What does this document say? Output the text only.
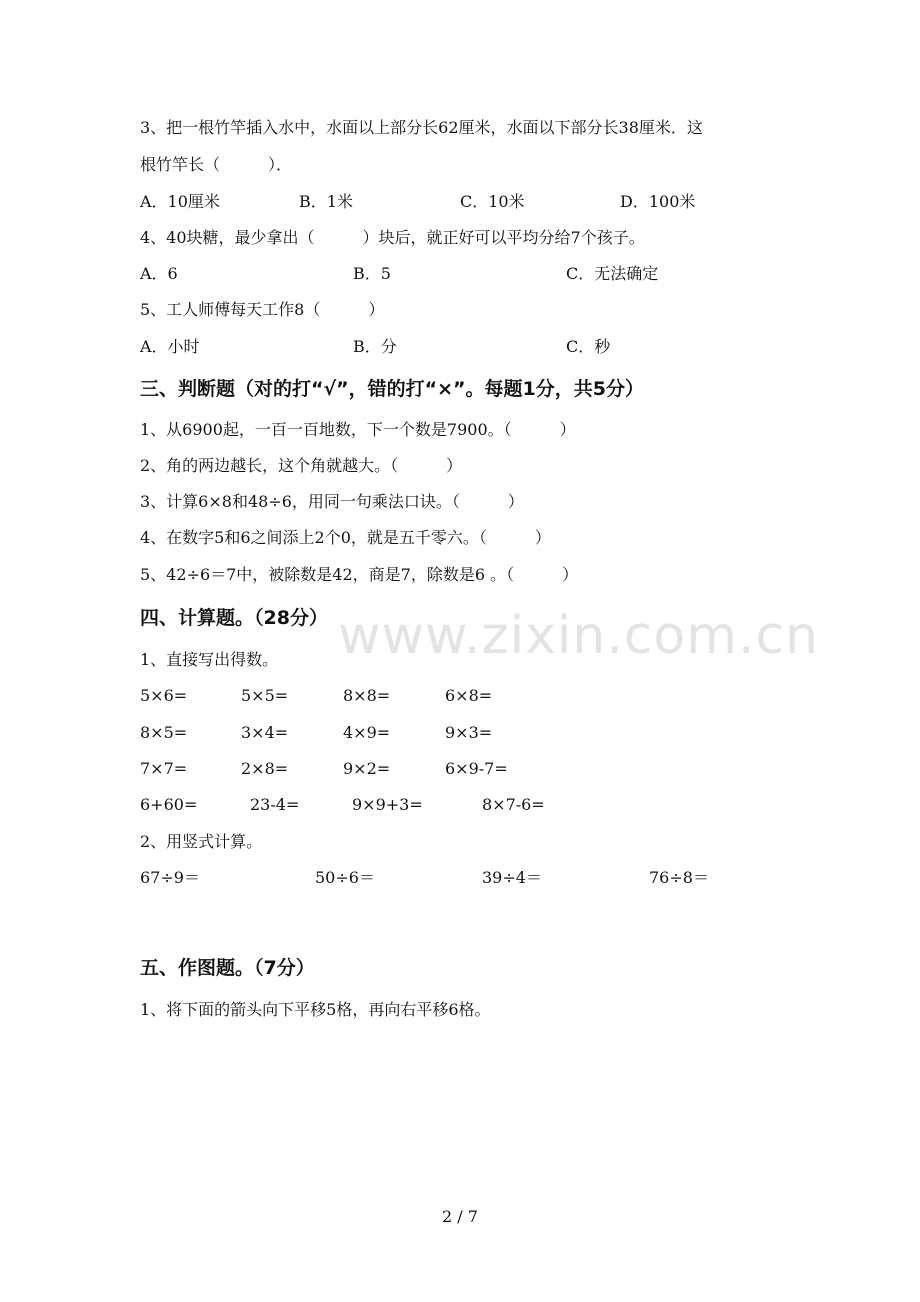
www.zixin.com.cn
3、把一根竹竿插入水中，水面以上部分长62厘米，水面以下部分长38厘米．这
根竹竿长（　　　）．
A．10厘米	B．1米	C．10米	D．100米
4、40块糖，最少拿出（　　　）块后，就正好可以平均分给7个孩子。
A．6	B．5	C．无法确定
5、工人师傅每天工作8（　　　）
A．小时	B．分	C．秒
三、判断题（对的打“√”，错的打“×”。每题1分，共5分）
1、从6900起，一百一百地数，下一个数是7900。（　　　）
2、角的两边越长，这个角就越大。（　　　）
3、计算6×8和48÷6，用同一句乘法口诀。（　　　）
4、在数字5和6之间添上2个0，就是五千零六。（　　　）
5、42÷6＝7中，被除数是42，商是7，除数是6 。（　　　）
四、计算题。（28分）
1、直接写出得数。
5×6=	5×5=	8×8=	6×8=
8×5=	3×4=	4×9=	9×3=
7×7=	2×8=	9×2=	6×9-7=
6+60=	23-4=	9×9+3=	8×7-6=
2、用竖式计算。
67÷9＝	50÷6＝	39÷4＝	76÷8＝
五、作图题。（7分）
1、将下面的箭头向下平移5格，再向右平移6格。
2 / 7
